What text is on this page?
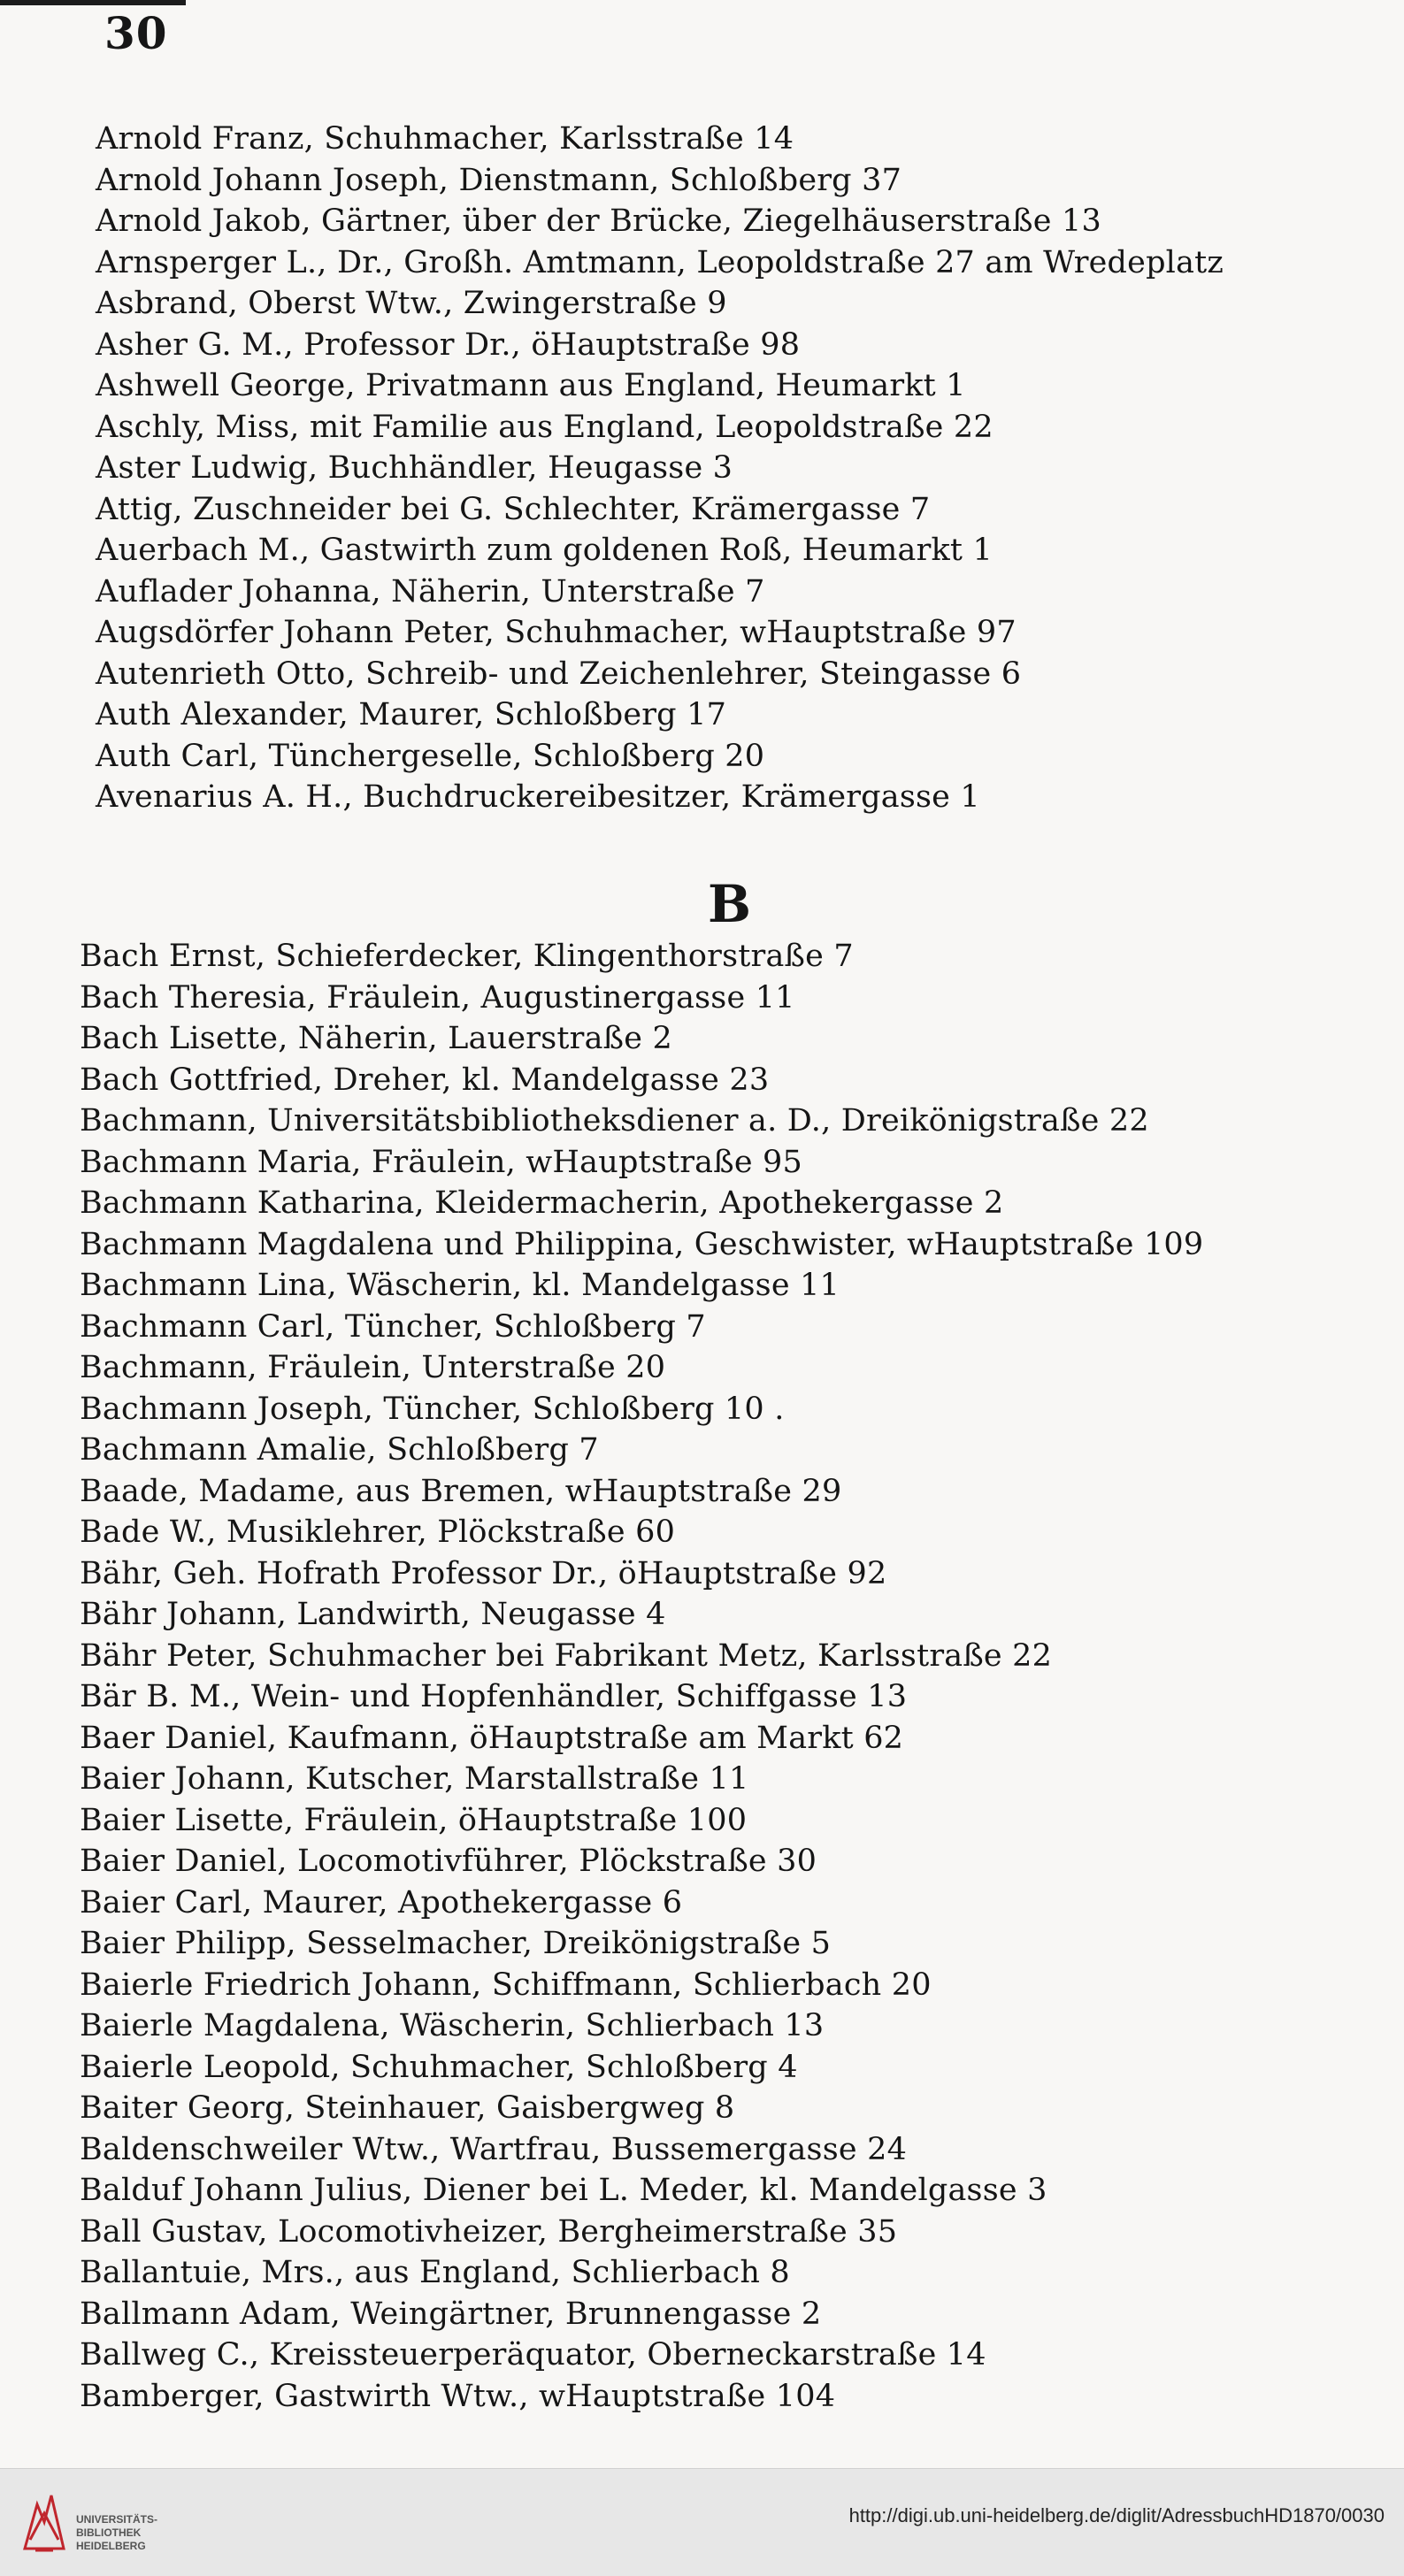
30
Arnold Franz, Schuhmacher, Karlsstraße 14
Arnold Johann Joseph, Dienstmann, Schloßberg 37
Arnold Jakob, Gärtner, über der Brücke, Ziegelhäuserstraße 13
Arnsperger L., Dr., Großh. Amtmann, Leopoldstraße 27 am Wredeplatz
Asbrand, Oberst Wtw., Zwingerstraße 9
Asher G. M., Professor Dr., öHauptstraße 98
Ashwell George, Privatmann aus England, Heumarkt 1
Aschly, Miss, mit Familie aus England, Leopoldstraße 22
Aster Ludwig, Buchhändler, Heugasse 3
Attig, Zuschneider bei G. Schlechter, Krämergasse 7
Auerbach M., Gastwirth zum goldenen Roß, Heumarkt 1
Auflader Johanna, Näherin, Unterstraße 7
Augsdörfer Johann Peter, Schuhmacher, wHauptstraße 97
Autenrieth Otto, Schreib- und Zeichenlehrer, Steingasse 6
Auth Alexander, Maurer, Schloßberg 17
Auth Carl, Tünchergeselle, Schloßberg 20
Avenarius A. H., Buchdruckereibesitzer, Krämergasse 1
B
Bach Ernst, Schieferdecker, Klingenthorstraße 7
Bach Theresia, Fräulein, Augustinergasse 11
Bach Lisette, Näherin, Lauerstraße 2
Bach Gottfried, Dreher, kl. Mandelgasse 23
Bachmann, Universitätsbibliotheksdiener a. D., Dreikönigstraße 22
Bachmann Maria, Fräulein, wHauptstraße 95
Bachmann Katharina, Kleidermacherin, Apothekergasse 2
Bachmann Magdalena und Philippina, Geschwister, wHauptstraße 109
Bachmann Lina, Wäscherin, kl. Mandelgasse 11
Bachmann Carl, Tüncher, Schloßberg 7
Bachmann, Fräulein, Unterstraße 20
Bachmann Joseph, Tüncher, Schloßberg 10 .
Bachmann Amalie, Schloßberg 7
Baade, Madame, aus Bremen, wHauptstraße 29
Bade W., Musiklehrer, Plöckstraße 60
Bähr, Geh. Hofrath Professor Dr., öHauptstraße 92
Bähr Johann, Landwirth, Neugasse 4
Bähr Peter, Schuhmacher bei Fabrikant Metz, Karlsstraße 22
Bär B. M., Wein- und Hopfenhändler, Schiffgasse 13
Baer Daniel, Kaufmann, öHauptstraße am Markt 62
Baier Johann, Kutscher, Marstallstraße 11
Baier Lisette, Fräulein, öHauptstraße 100
Baier Daniel, Locomotivführer, Plöckstraße 30
Baier Carl, Maurer, Apothekergasse 6
Baier Philipp, Sesselmacher, Dreikönigstraße 5
Baierle Friedrich Johann, Schiffmann, Schlierbach 20
Baierle Magdalena, Wäscherin, Schlierbach 13
Baierle Leopold, Schuhmacher, Schloßberg 4
Baiter Georg, Steinhauer, Gaisbergweg 8
Baldenschweiler Wtw., Wartfrau, Bussemergasse 24
Balduf Johann Julius, Diener bei L. Meder, kl. Mandelgasse 3
Ball Gustav, Locomotivheizer, Bergheimerstraße 35
Ballantuie, Mrs., aus England, Schlierbach 8
Ballmann Adam, Weingärtner, Brunnengasse 2
Ballweg C., Kreissteuerperäquator, Oberneckarstraße 14
Bamberger, Gastwirth Wtw., wHauptstraße 104
UNIVERSITÄTS-
BIBLIOTHEK
HEIDELBERG
http://digi.ub.uni-heidelberg.de/diglit/AdressbuchHD1870/0030
